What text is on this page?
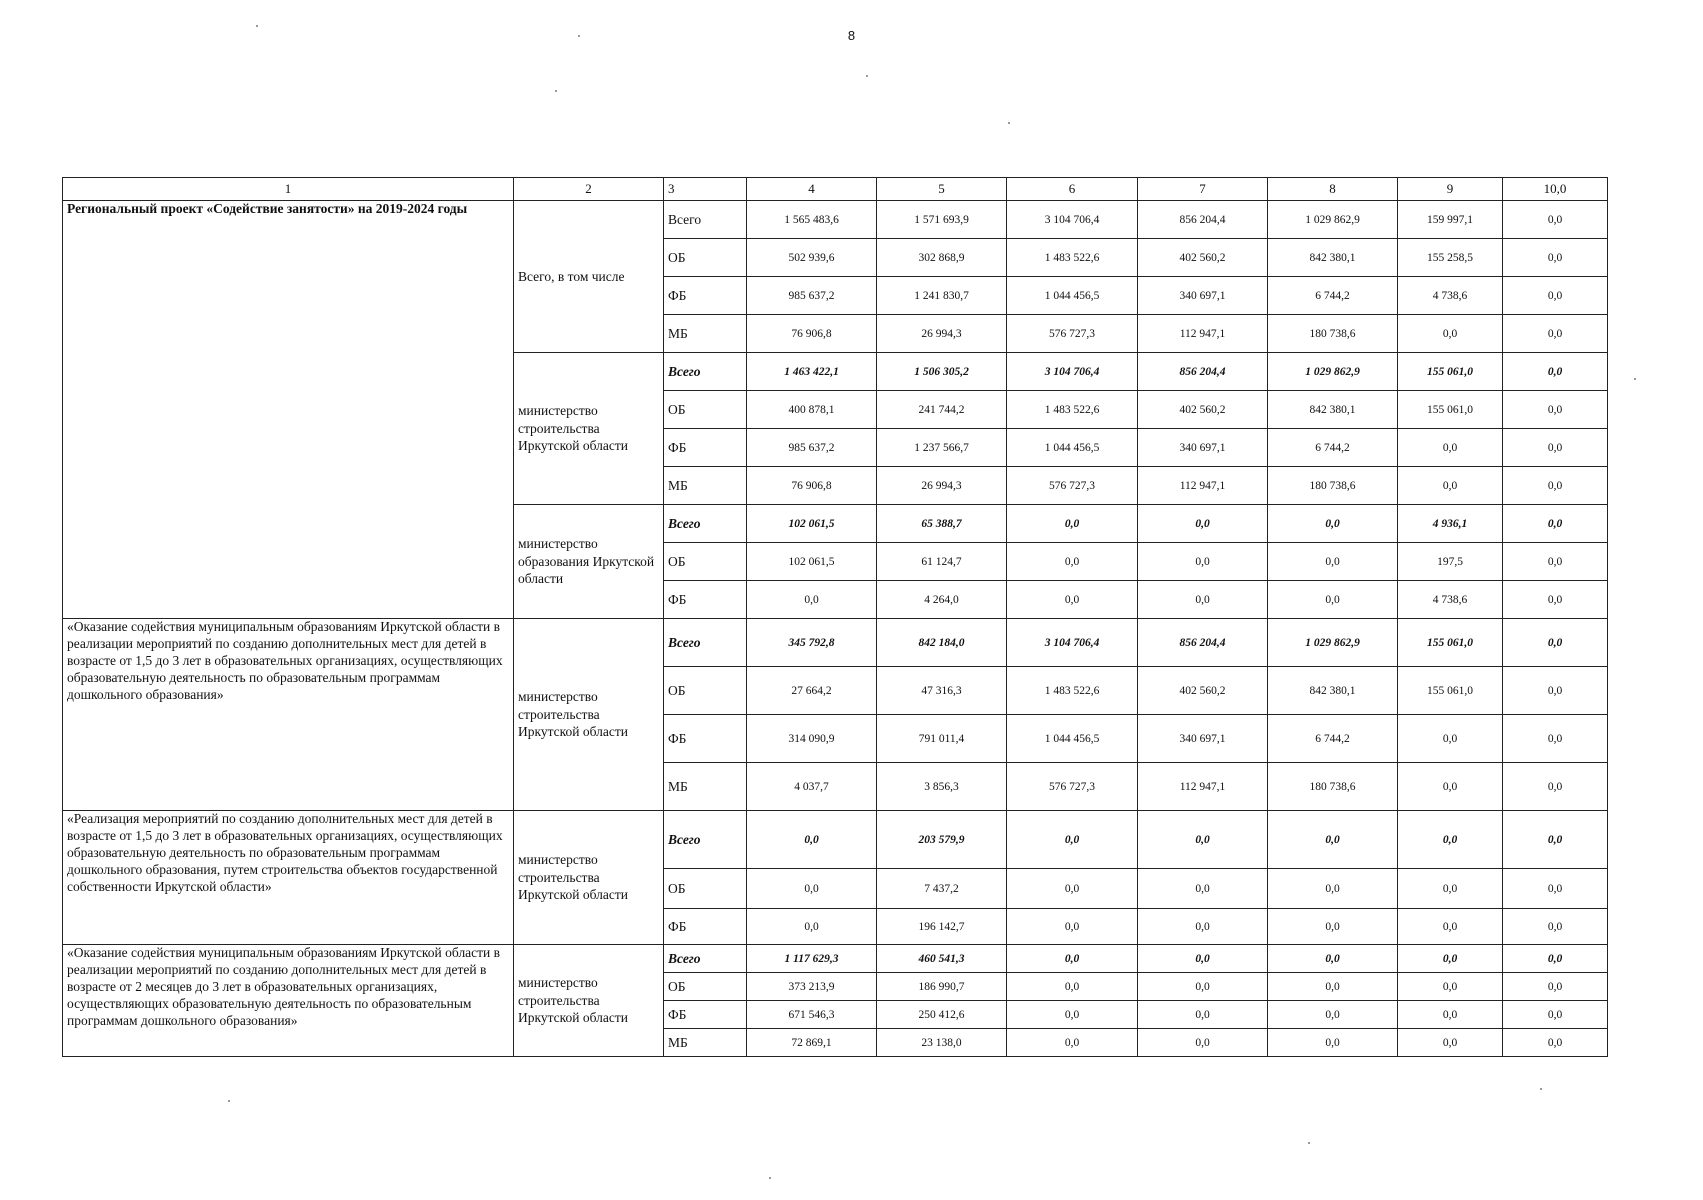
8
1	2	3	4	5	6	7	8	9	10,0
Региональный проект «Содействие занятости» на 2019-2024 годы	Всего, в том числе	Всего	1 565 483,6	1 571 693,9	3 104 706,4	856 204,4	1 029 862,9	159 997,1	0,0
		ОБ	502 939,6	302 868,9	1 483 522,6	402 560,2	842 380,1	155 258,5	0,0
		ФБ	985 637,2	1 241 830,7	1 044 456,5	340 697,1	6 744,2	4 738,6	0,0
		МБ	76 906,8	26 994,3	576 727,3	112 947,1	180 738,6	0,0	0,0
	министерство строительства Иркутской области	Всего	1 463 422,1	1 506 305,2	3 104 706,4	856 204,4	1 029 862,9	155 061,0	0,0
		ОБ	400 878,1	241 744,2	1 483 522,6	402 560,2	842 380,1	155 061,0	0,0
		ФБ	985 637,2	1 237 566,7	1 044 456,5	340 697,1	6 744,2	0,0	0,0
		МБ	76 906,8	26 994,3	576 727,3	112 947,1	180 738,6	0,0	0,0
	министерство образования Иркутской области	Всего	102 061,5	65 388,7	0,0	0,0	0,0	4 936,1	0,0
		ОБ	102 061,5	61 124,7	0,0	0,0	0,0	197,5	0,0
		ФБ	0,0	4 264,0	0,0	0,0	0,0	4 738,6	0,0
«Оказание содействия муниципальным образованиям Иркутской области в реализации мероприятий по созданию дополнительных мест для детей в возрасте от 1,5 до 3 лет в образовательных организациях, осуществляющих образовательную деятельность по образовательным программам дошкольного образования»	министерство строительства Иркутской области	Всего	345 792,8	842 184,0	3 104 706,4	856 204,4	1 029 862,9	155 061,0	0,0
		ОБ	27 664,2	47 316,3	1 483 522,6	402 560,2	842 380,1	155 061,0	0,0
		ФБ	314 090,9	791 011,4	1 044 456,5	340 697,1	6 744,2	0,0	0,0
		МБ	4 037,7	3 856,3	576 727,3	112 947,1	180 738,6	0,0	0,0
«Реализация мероприятий по созданию дополнительных мест для детей в возрасте от 1,5 до 3 лет в образовательных организациях, осуществляющих образовательную деятельность по образовательным программам дошкольного образования, путем строительства объектов государственной собственности Иркутской области»	министерство строительства Иркутской области	Всего	0,0	203 579,9	0,0	0,0	0,0	0,0	0,0
		ОБ	0,0	7 437,2	0,0	0,0	0,0	0,0	0,0
		ФБ	0,0	196 142,7	0,0	0,0	0,0	0,0	0,0
«Оказание содействия муниципальным образованиям Иркутской области в реализации мероприятий по созданию дополнительных мест для детей в возрасте от 2 месяцев до 3 лет в образовательных организациях, осуществляющих образовательную деятельность по образовательным программам дошкольного образования»	министерство строительства Иркутской области	Всего	1 117 629,3	460 541,3	0,0	0,0	0,0	0,0	0,0
		ОБ	373 213,9	186 990,7	0,0	0,0	0,0	0,0	0,0
		ФБ	671 546,3	250 412,6	0,0	0,0	0,0	0,0	0,0
		МБ	72 869,1	23 138,0	0,0	0,0	0,0	0,0	0,0
